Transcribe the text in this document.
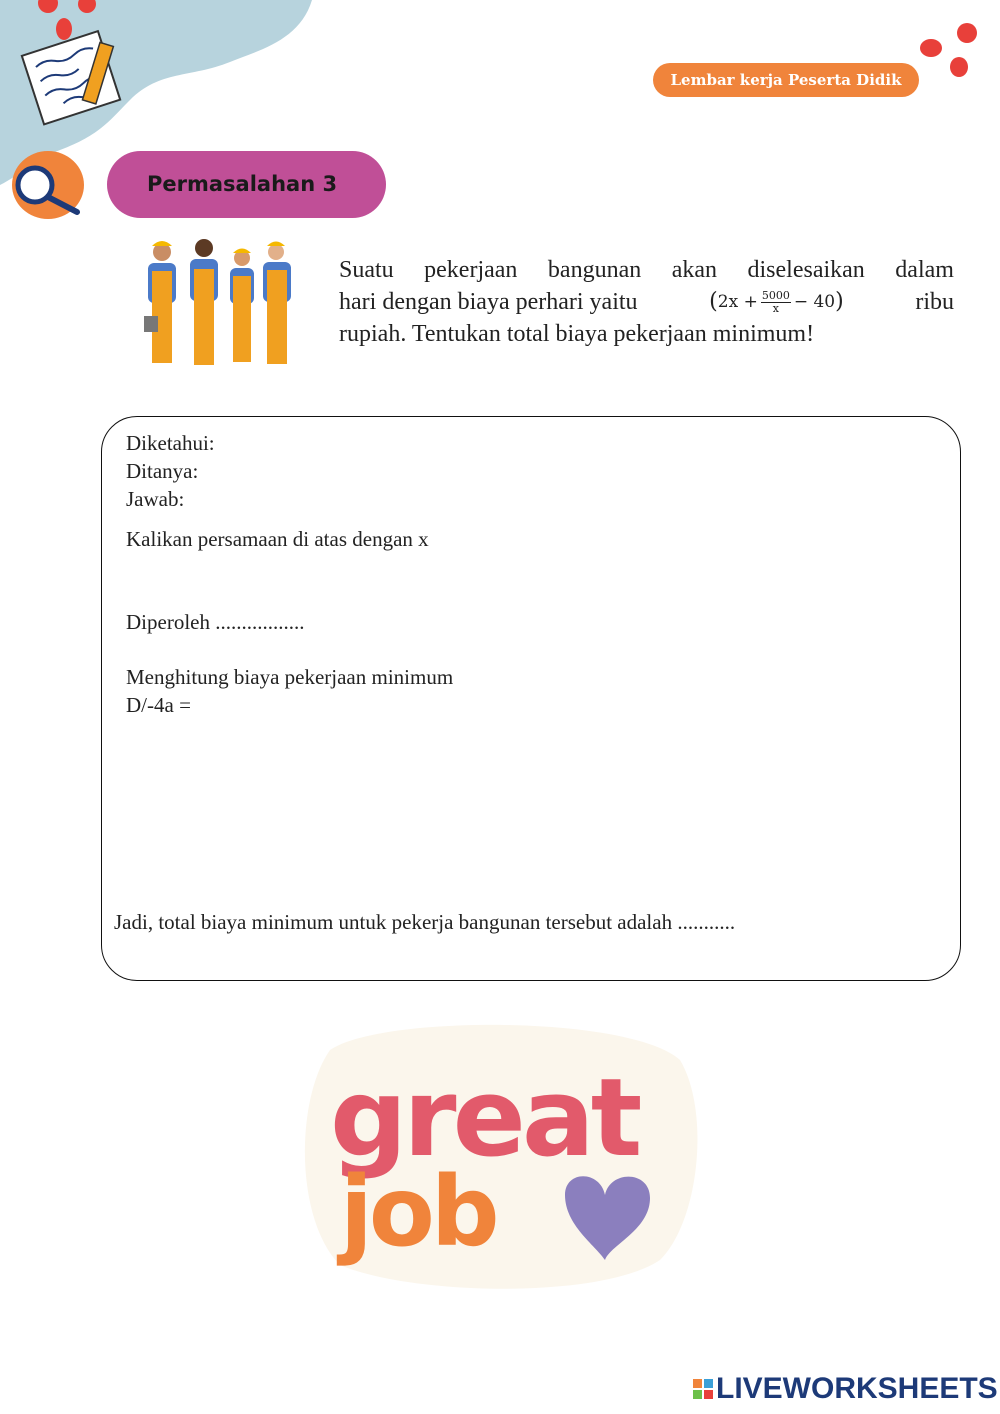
Lembar kerja Peserta Didik
Permasalahan 3
Suatu pekerjaan bangunan akan diselesaikan dalam
hari dengan biaya perhari yaitu	( $2x + \frac{5000}{x} - 40$ )	ribu
rupiah. Tentukan total biaya pekerjaan minimum!
Diketahui:
Ditanya:
Jawab:
Kalikan persamaan di atas dengan x
Diperoleh .................
Menghitung biaya pekerjaan minimum
D/-4a =
Jadi, total biaya minimum untuk pekerja bangunan tersebut adalah ...........
great
job
LIVEWORKSHEETS
